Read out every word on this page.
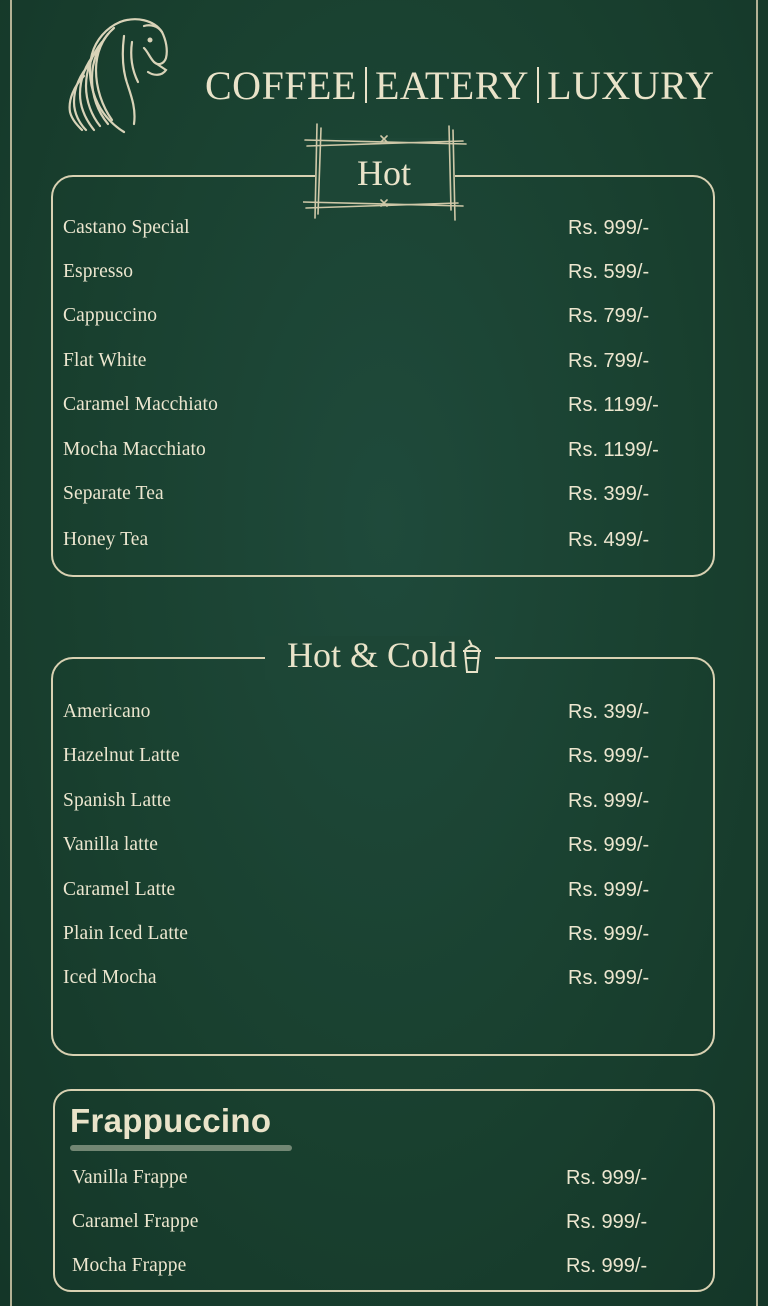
COFFEE EATERY LUXURY
Castano Special	Rs. 999/-
Espresso	Rs. 599/-
Cappuccino	Rs. 799/-
Flat White	Rs. 799/-
Caramel Macchiato	Rs. 1199/-
Mocha Macchiato	Rs. 1199/-
Separate Tea	Rs. 399/-
Honey Tea	Rs. 499/-
Hot
Americano	Rs. 399/-
Hazelnut Latte	Rs. 999/-
Spanish Latte	Rs. 999/-
Vanilla latte	Rs. 999/-
Caramel Latte	Rs. 999/-
Plain Iced Latte	Rs. 999/-
Iced Mocha	Rs. 999/-
Hot & Cold
Vanilla Frappe	Rs. 999/-
Caramel Frappe	Rs. 999/-
Mocha Frappe	Rs. 999/-
Frappuccino
